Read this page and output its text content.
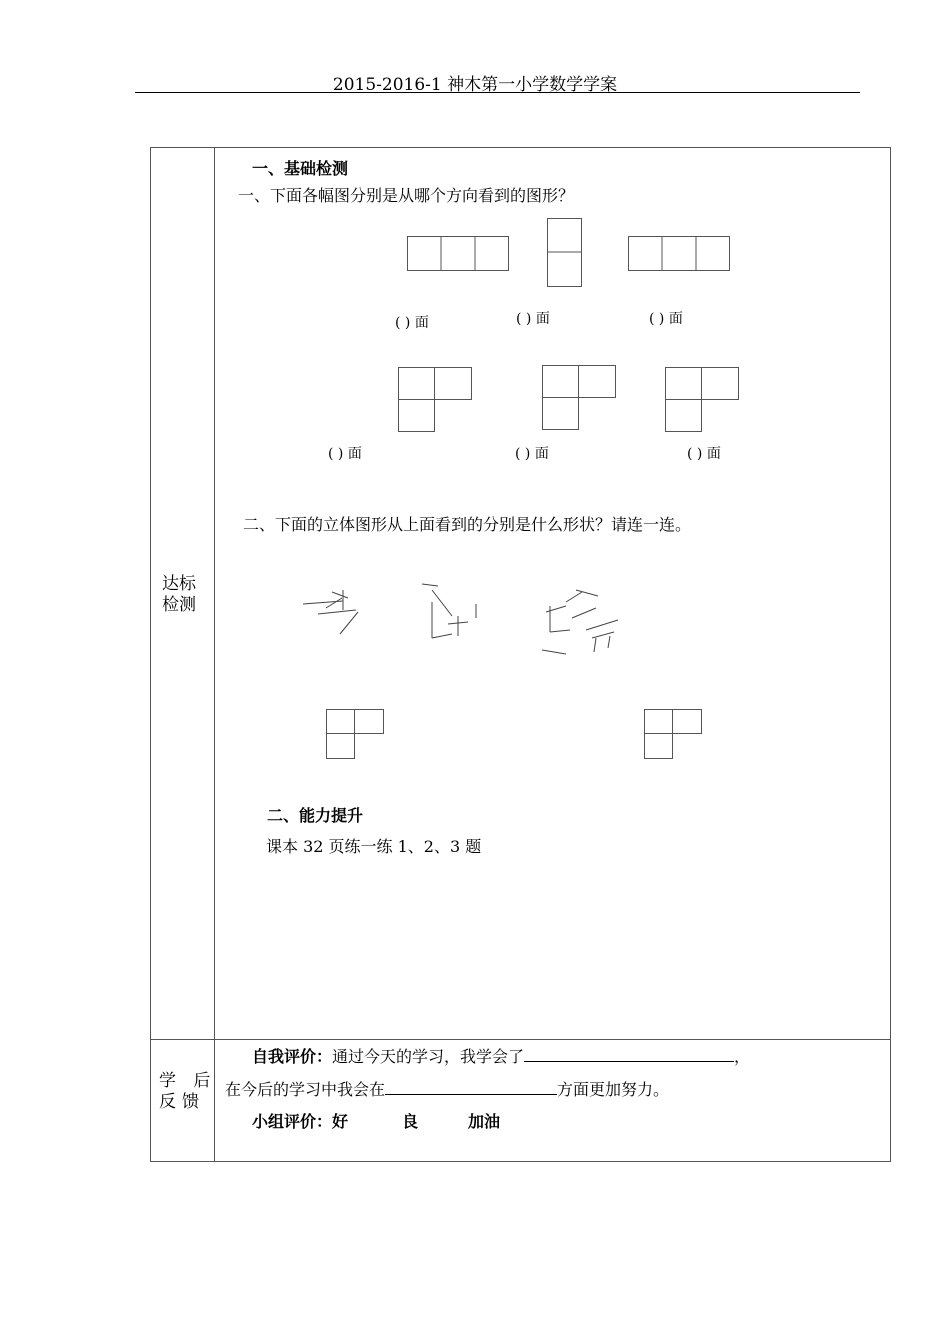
2015-2016-1 神木第一小学数学学案
达标
检测
学 后
反馈
一、基础检测
一、下面各幅图分别是从哪个方向看到的图形？
( ) 面	( ) 面	( ) 面
( ) 面	( ) 面	( ) 面
二、下面的立体图形从上面看到的分别是什么形状？请连一连。
二、能力提升
课本 32 页练一练 1、2、3 题
自我评价：通过今天的学习，我学会了	，
在今后的学习中我会在	方面更加努力。
小组评价：好	良	加油
